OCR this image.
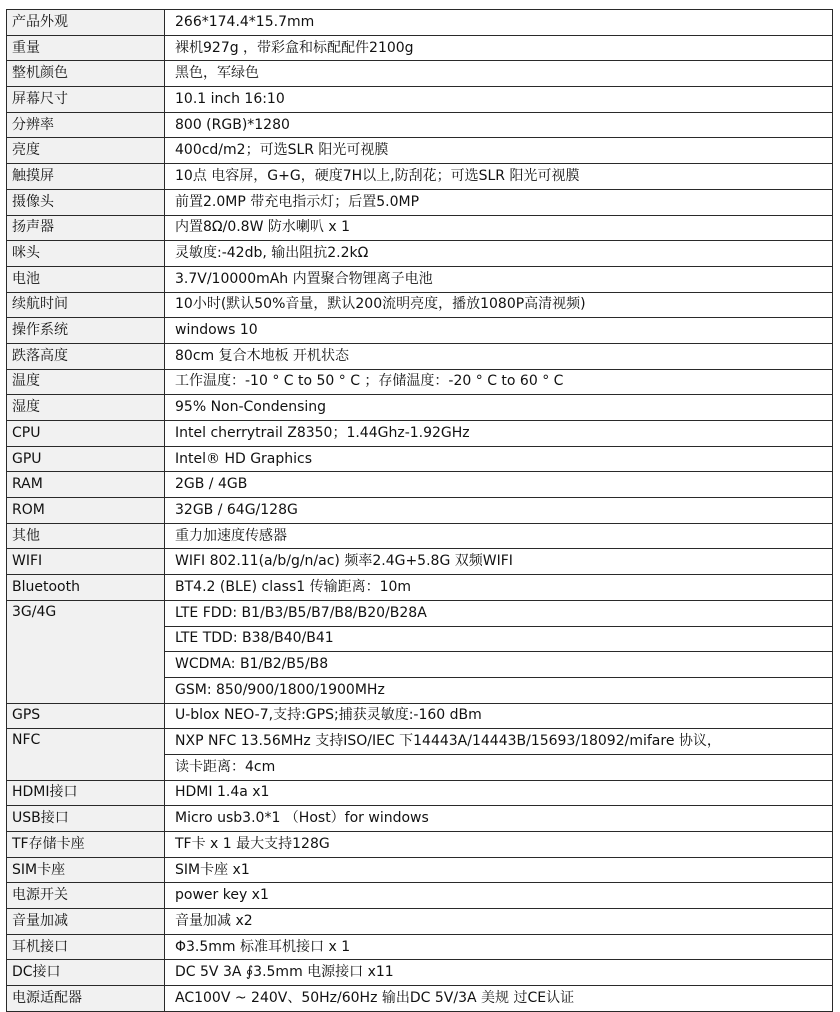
产品外观	266*174.4*15.7mm
重量	裸机927g ，带彩盒和标配配件2100g
整机颜色	黑色，军绿色
屏幕尺寸	10.1 inch 16:10
分辨率	800 (RGB)*1280
亮度	400cd/m2；可选SLR 阳光可视膜
触摸屏	10点 电容屏，G+G，硬度7H以上,防刮花；可选SLR 阳光可视膜
摄像头	前置2.0MP 带充电指示灯；后置5.0MP
扬声器	内置8Ω/0.8W 防水喇叭 x 1
咪头	灵敏度:-42db, 输出阻抗2.2kΩ
电池	3.7V/10000mAh 内置聚合物锂离子电池
续航时间	10小时(默认50%音量，默认200流明亮度，播放1080P高清视频)
操作系统	windows 10
跌落高度	80cm 复合木地板 开机状态
温度	工作温度：-10 ° C to 50 ° C ；存储温度：-20 ° C to 60 ° C
湿度	95% Non-Condensing
CPU	Intel cherrytrail Z8350；1.44Ghz-1.92GHz
GPU	Intel® HD Graphics
RAM	2GB / 4GB
ROM	32GB / 64G/128G
其他	重力加速度传感器
WIFI	WIFI 802.11(a/b/g/n/ac) 频率2.4G+5.8G 双频WIFI
Bluetooth	BT4.2 (BLE) class1 传输距离：10m
3G/4G	LTE FDD: B1/B3/B5/B7/B8/B20/B28A
	LTE TDD: B38/B40/B41
	WCDMA: B1/B2/B5/B8
	GSM: 850/900/1800/1900MHz
GPS	U-blox NEO-7,支持:GPS;捕获灵敏度:-160 dBm
NFC	NXP NFC 13.56MHz 支持ISO/IEC 下14443A/14443B/15693/18092/mifare 协议，
	读卡距离：4cm
HDMI接口	HDMI 1.4a x1
USB接口	Micro usb3.0*1 （Host）for windows
TF存储卡座	TF卡 x 1 最大支持128G
SIM卡座	SIM卡座 x1
电源开关	power key x1
音量加减	音量加减 x2
耳机接口	Φ3.5mm 标准耳机接口 x 1
DC接口	DC 5V 3A ∮3.5mm 电源接口 x11
电源适配器	AC100V ~ 240V、50Hz/60Hz 输出DC 5V/3A 美规 过CE认证
